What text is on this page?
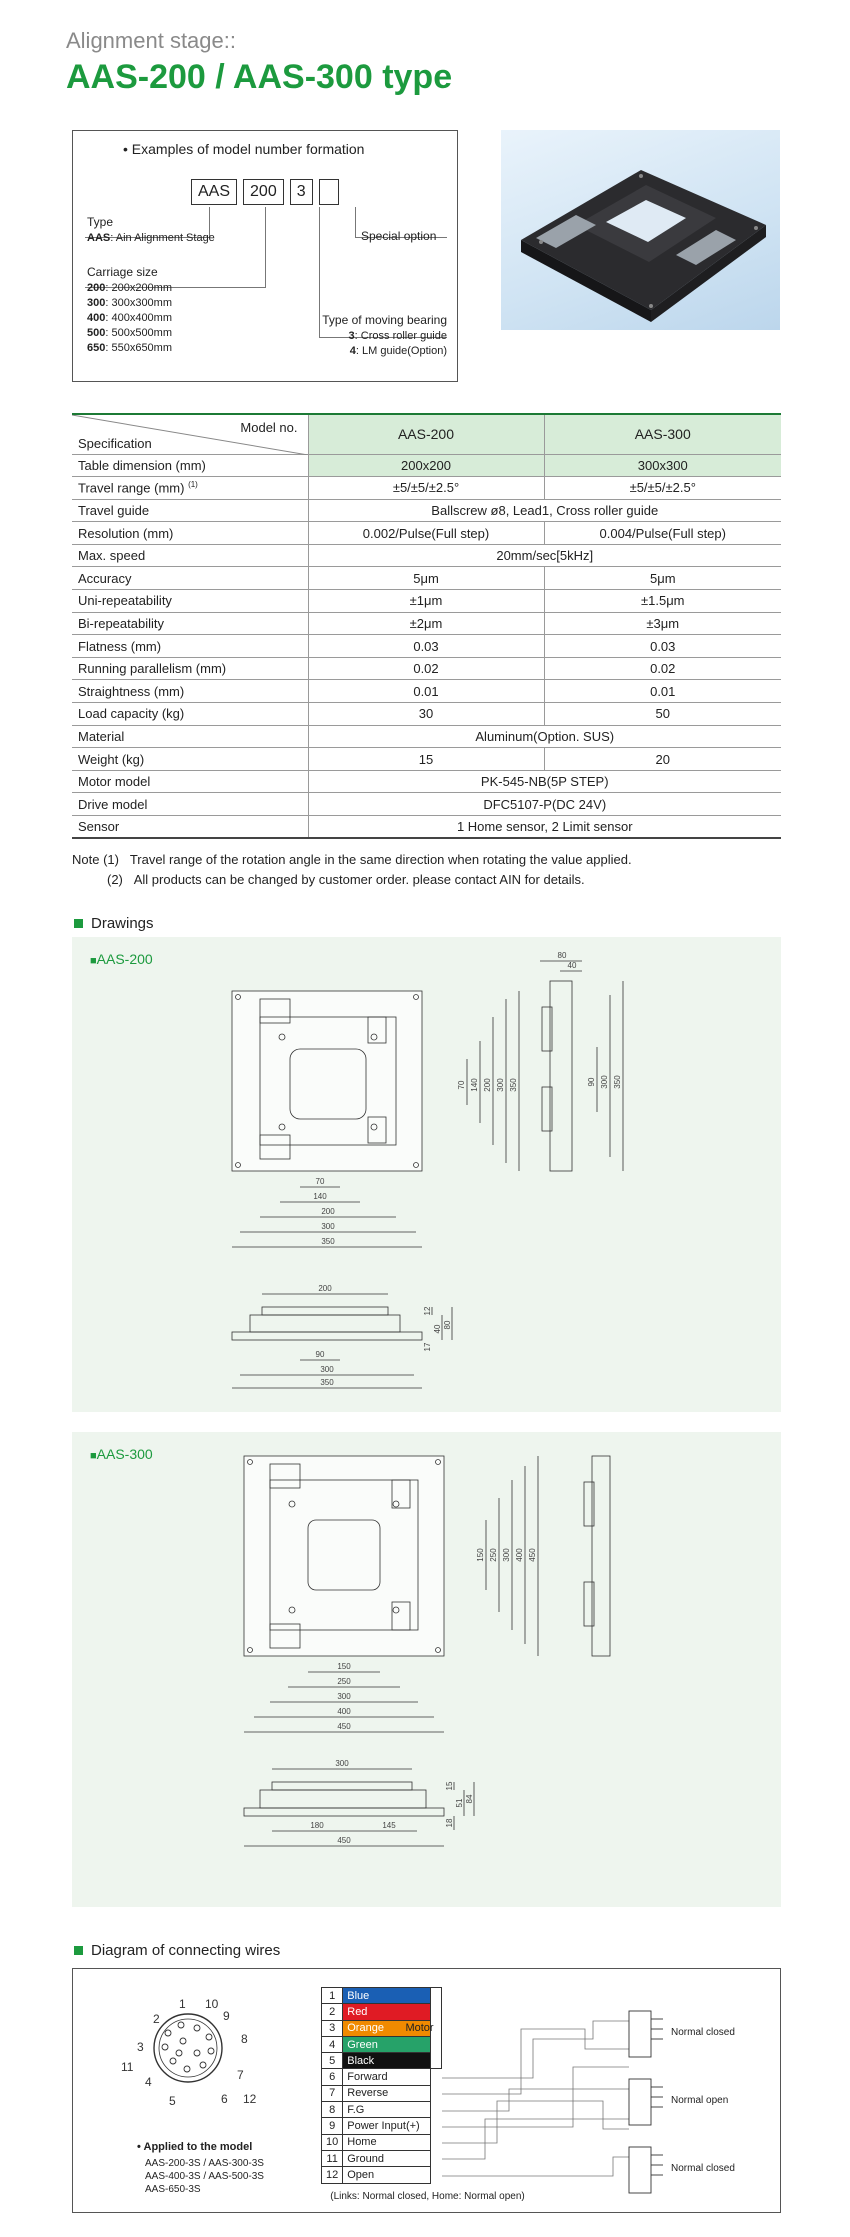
Alignment stage::
AAS-200 / AAS-300 type
• Examples of model number formation
AAS	200	3
Type
AAS: Ain Alignment Stage
Carriage size
200: 200x200mm
300: 300x300mm
400: 400x400mm
500: 500x500mm
650: 550x650mm
Special option
Type of moving bearing
3: Cross roller guide
4: LM guide(Option)
Model no.
Specification	AAS-200	AAS-300
Table dimension (mm)	200x200	300x300
Travel range (mm) $^{(1)}$	±5/±5/±2.5°	±5/±5/±2.5°
Travel guide	Ballscrew ø8, Lead1, Cross roller guide	
Resolution (mm)	0.002/Pulse(Full step)	0.004/Pulse(Full step)
Max. speed	20mm/sec[5kHz]	
Accuracy	5μm	5μm
Uni-repeatability	±1μm	±1.5μm
Bi-repeatability	±2μm	±3μm
Flatness (mm)	0.03	0.03
Running parallelism (mm)	0.02	0.02
Straightness (mm)	0.01	0.01
Load capacity (kg)	30	50
Material	Aluminum(Option. SUS)	
Weight (kg)	15	20
Motor model	PK-545-NB(5P STEP)	
Drive model	DFC5107-P(DC 24V)	
Sensor	1 Home sensor, 2 Limit sensor	
Note (1) Travel range of the rotation angle in the same direction when rotating the value applied.
(2) All products can be changed by customer order. please contact AIN for details.
Drawings
■AAS-200
70
140
200
300
350
70 140 200 300 350
80
40
90 300 350
200
90
300
350
12
40
17
80
■AAS-300
150
250
300
400
450
150 250 300 400 450
300
180	145
450
15
51 84
18
Diagram of connecting wires
1
2
3
4
5	6
7
8
9
10
11
12
• Applied to the model
AAS-200-3S / AAS-300-3S
AAS-400-3S / AAS-500-3S
AAS-650-3S
1	Blue
2	Red
3	Orange
4	Green
5	Black
6	Forward
7	Reverse
8	F.G
9	Power Input(+)
10	Home
11	Ground
12	Open
Motor	Normal closed
Normal open
Normal closed
(Links: Normal closed, Home: Normal open)
